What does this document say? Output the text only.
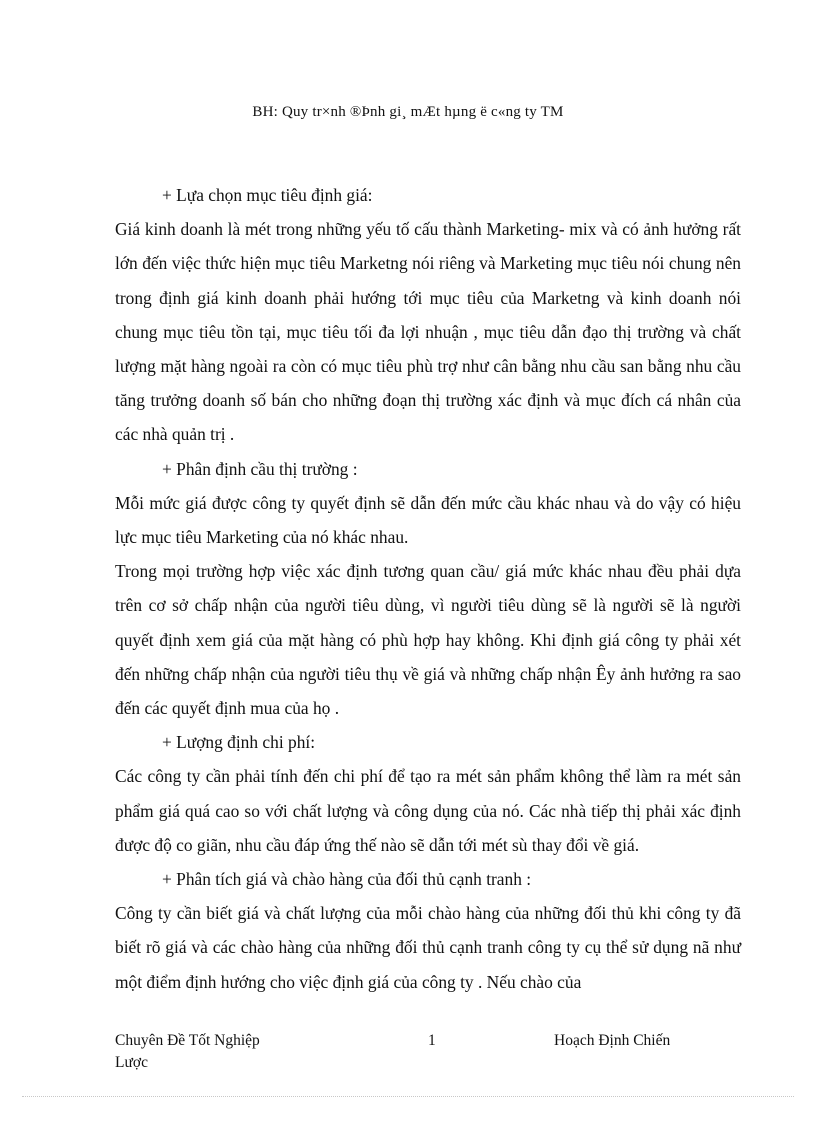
BH: Quy tr×nh ®Þnh gi¸ mÆt hµng ë c«ng ty TM

+ Lựa chọn mục tiêu định giá:

Giá kinh doanh là mét trong những yếu tố cấu thành Marketing- mix và có ảnh hưởng rất lớn đến việc thức hiện mục tiêu Marketng nói riêng và Marketing mục tiêu nói chung nên trong định giá kinh doanh phải hướng tới mục tiêu của Marketng và kinh doanh nói chung mục tiêu tồn tại, mục tiêu tối đa lợi nhuận , mục tiêu dẫn đạo thị trường và chất lượng mặt hàng ngoài ra còn có mục tiêu phù trợ như cân bằng nhu cầu san bằng nhu cầu tăng trưởng doanh số bán cho những đoạn thị trường xác định và mục đích cá nhân của các nhà quản trị .

+ Phân định cầu thị trường :

Mỗi mức giá được công ty quyết định sẽ dẫn đến mức cầu khác nhau và do vậy có hiệu lực mục tiêu Marketing của nó khác nhau.

Trong mọi trường hợp việc xác định tương quan cầu/ giá mức khác nhau đều phải dựa trên cơ sở chấp nhận của người tiêu dùng, vì người tiêu dùng sẽ là người sẽ là người quyết định xem giá của mặt hàng có phù hợp hay không. Khi định giá công ty phải xét đến những chấp nhận của người tiêu thụ về giá và những chấp nhận Êy ảnh hưởng ra sao đến các quyết định mua của họ .

+ Lượng định chi phí:

Các công ty cần phải tính đến chi phí để tạo ra mét sản phẩm không thể làm ra mét sản phẩm giá quá cao so với chất lượng và công dụng của nó. Các nhà tiếp thị phải xác định được độ co giãn, nhu cầu đáp ứng thế nào sẽ dẫn tới mét sù thay đổi về giá.

+ Phân tích giá và chào hàng của đối thủ cạnh tranh :

Công ty cần biết giá và chất lượng của mỗi chào hàng của những đối thủ khi công ty đã biết rõ giá và các chào hàng của những đối thủ cạnh tranh công ty cụ thể sử dụng nã như một điểm định hướng cho việc định giá của công ty . Nếu chào của

Chuyên Đề Tốt Nghiệp	1	Hoạch Định Chiến
Lược
